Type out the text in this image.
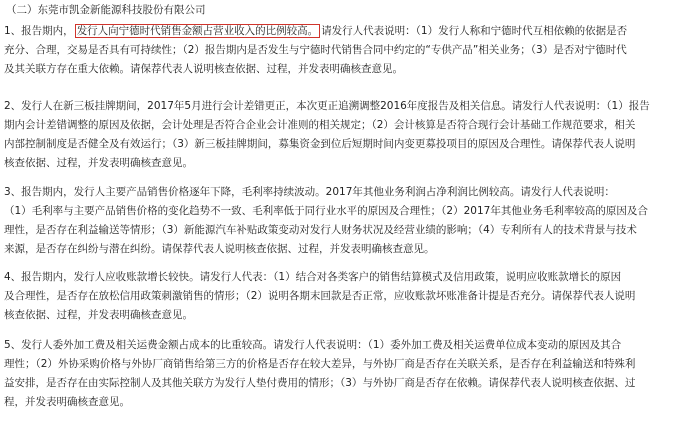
（二）东莞市凯金新能源科技股份有限公司
1、报告期内， 发行人向宁德时代销售金额占营业收入的比例较高。 请发行人代表说明：（1）发行人称和宁德时代互相依赖的依据是否
充分、合理，交易是否具有可持续性；（2）报告期内是否发生与宁德时代销售合同中约定的“专供产品”相关业务；（3）是否对宁德时代
及其关联方存在重大依赖。请保荐代表人说明核查依据、过程，并发表明确核查意见。
2、发行人在新三板挂牌期间，2017年5月进行会计差错更正，本次更正追溯调整2016年度报告及相关信息。请发行人代表说明：（1）报告
期内会计差错调整的原因及依据，会计处理是否符合企业会计准则的相关规定；（2）会计核算是否符合现行会计基础工作规范要求，相关
内部控制制度是否健全及有效运行；（3）新三板挂牌期间，募集资金到位后短期时间内变更募投项目的原因及合理性。请保荐代表人说明
核查依据、过程，并发表明确核查意见。
3、报告期内，发行人主要产品销售价格逐年下降，毛利率持续波动。2017年其他业务利润占净利润比例较高。请发行人代表说明：
（1）毛利率与主要产品销售价格的变化趋势不一致、毛利率低于同行业水平的原因及合理性；（2）2017年其他业务毛利率较高的原因及合
理性，是否存在利益输送等情形；（3）新能源汽车补贴政策变动对发行人财务状况及经营业绩的影响；（4）专利所有人的技术背景与技术
来源，是否存在纠纷与潜在纠纷。请保荐代表人说明核查依据、过程，并发表明确核查意见。
4、报告期内，发行人应收账款增长较快。请发行人代表：（1）结合对各类客户的销售结算模式及信用政策，说明应收账款增长的原因
及合理性，是否存在放松信用政策刺激销售的情形；（2）说明各期末回款是否正常，应收账款坏账准备计提是否充分。请保荐代表人说明
核查依据、过程，并发表明确核查意见。
5、发行人委外加工费及相关运费金额占成本的比重较高。请发行人代表说明：（1）委外加工费及相关运费单位成本变动的原因及其合
理性；（2）外协采购价格与外协厂商销售给第三方的价格是否存在较大差异，与外协厂商是否存在关联关系，是否存在利益输送和特殊利
益安排，是否存在由实际控制人及其他关联方为发行人垫付费用的情形；（3）与外协厂商是否存在依赖。请保荐代表人说明核查依据、过
程，并发表明确核查意见。
